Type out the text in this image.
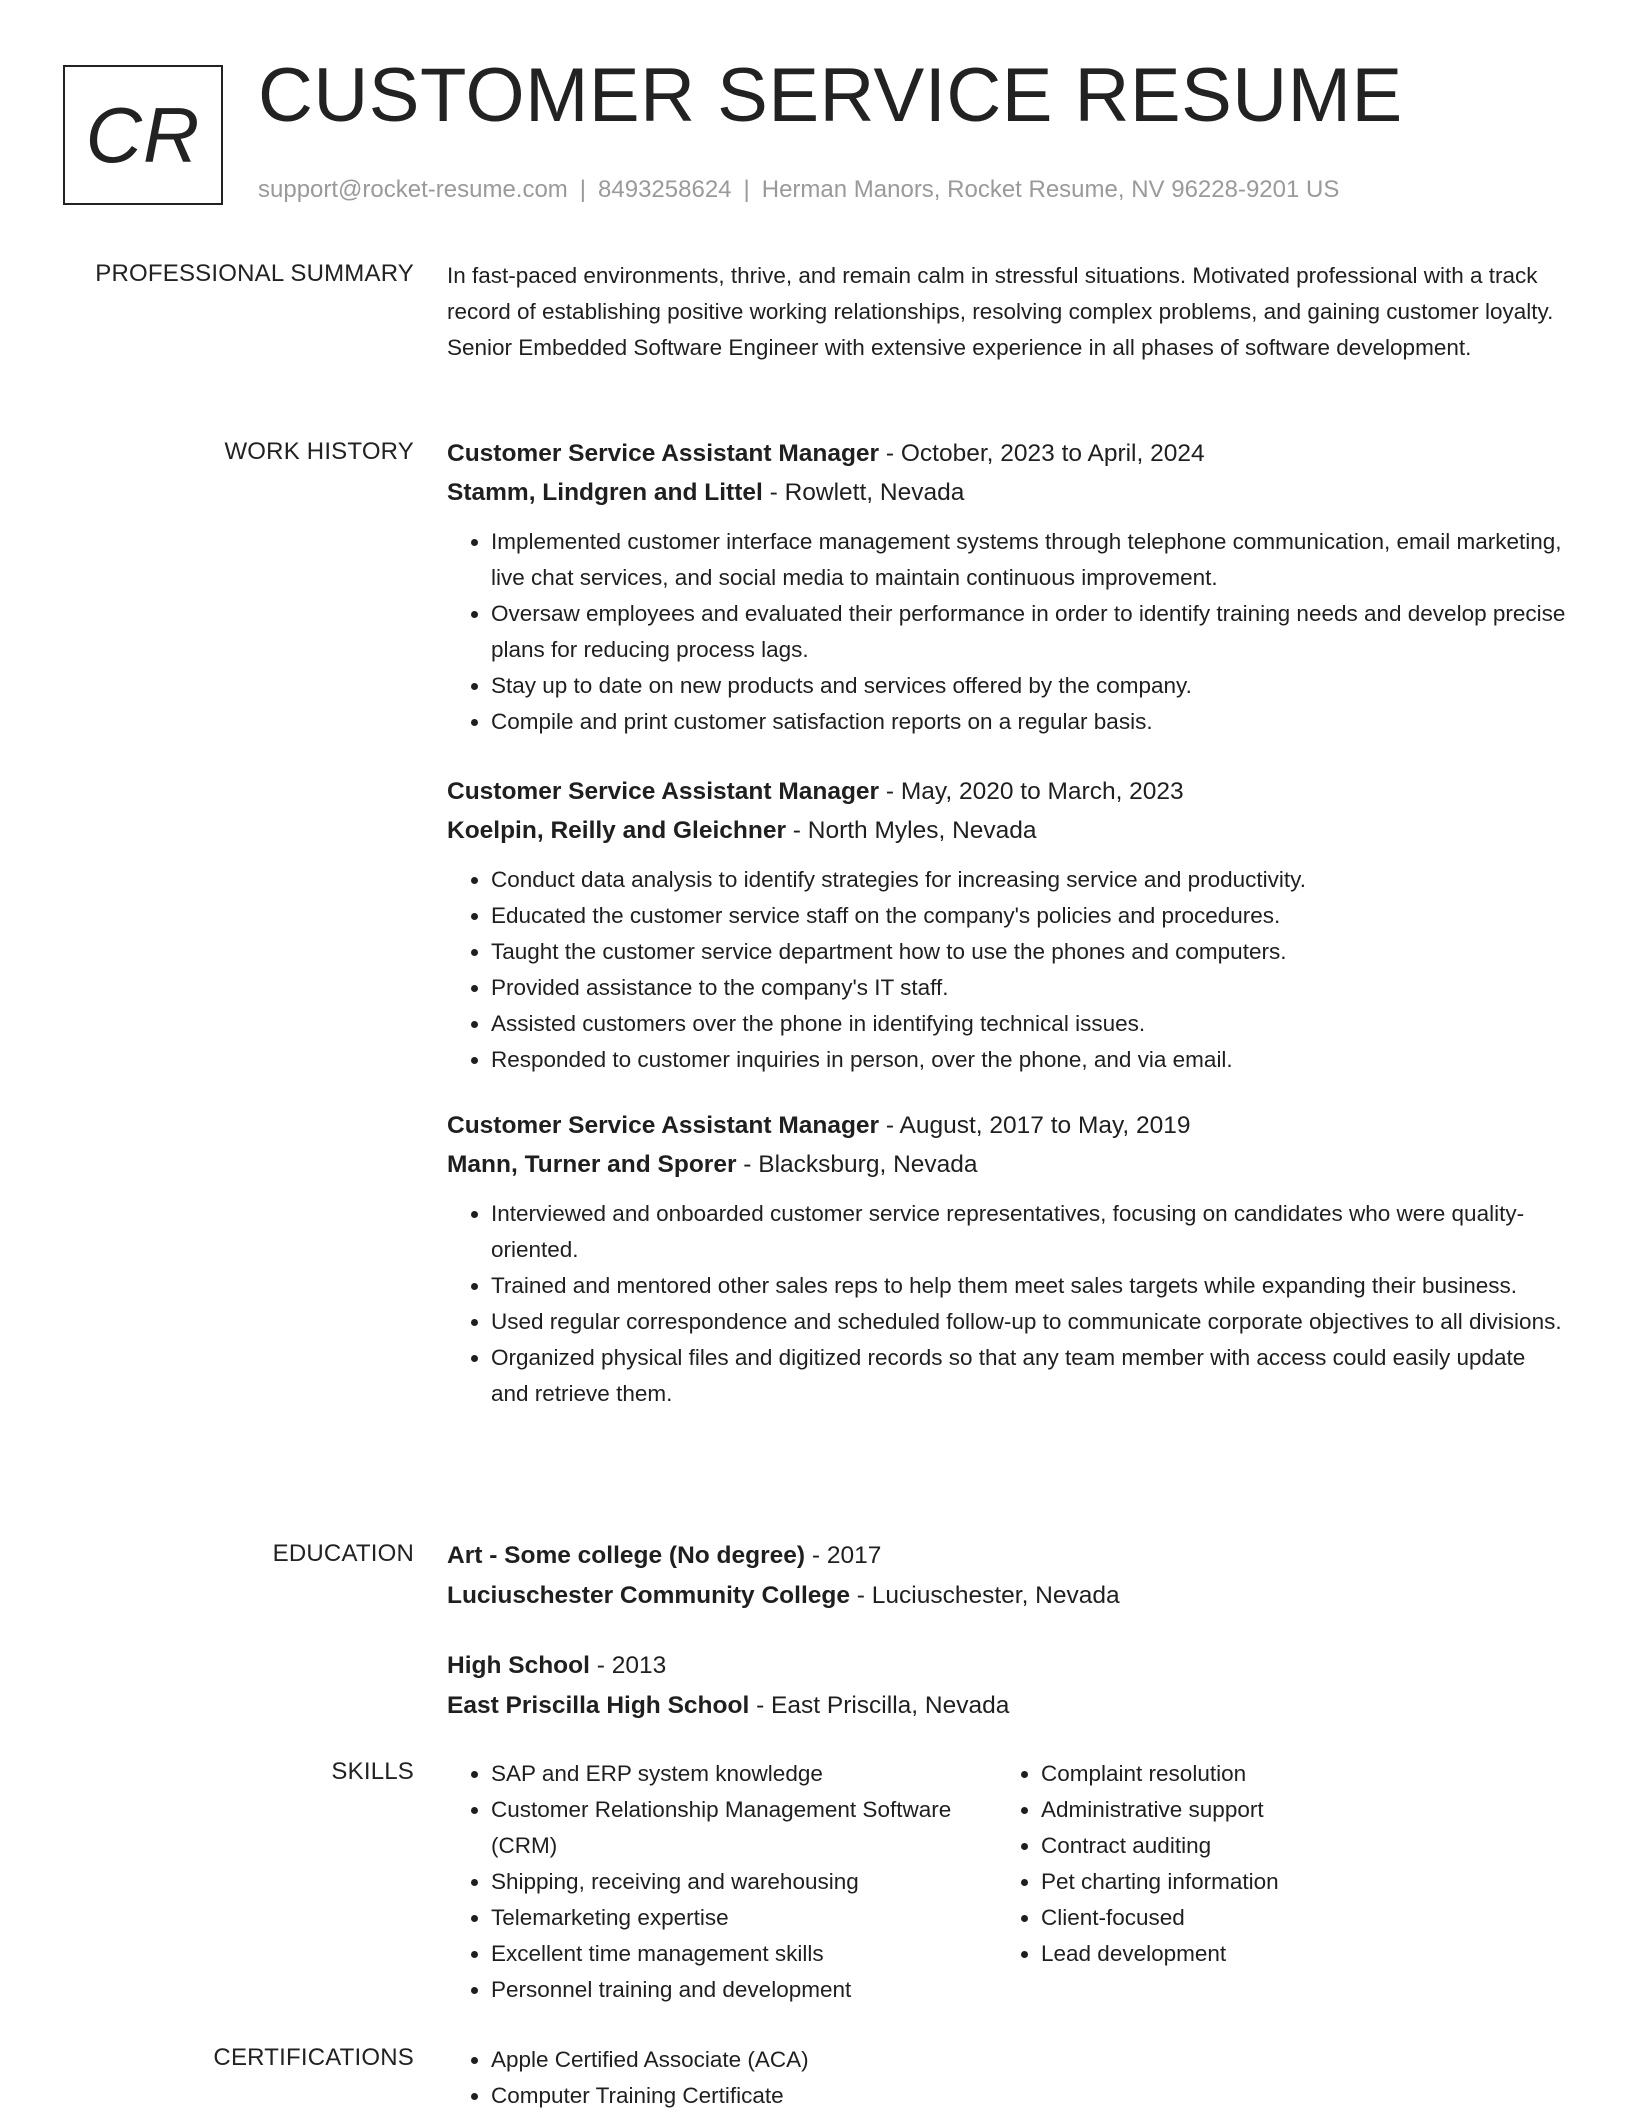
CR CUSTOMER SERVICE RESUME
support@rocket-resume.com | 8493258624 | Herman Manors, Rocket Resume, NV 96228-9201 US
PROFESSIONAL SUMMARY In fast-paced environments, thrive, and remain calm in stressful situations. Motivated professional with a track record of establishing positive working relationships, resolving complex problems, and gaining customer loyalty. Senior Embedded Software Engineer with extensive experience in all phases of software development.

WORK HISTORY Customer Service Assistant Manager - October, 2023 to April, 2024
Stamm, Lindgren and Littel - Rowlett, Nevada
• Implemented customer interface management systems through telephone communication, email marketing, live chat services, and social media to maintain continuous improvement.
• Oversaw employees and evaluated their performance in order to identify training needs and develop precise plans for reducing process lags.
• Stay up to date on new products and services offered by the company.
• Compile and print customer satisfaction reports on a regular basis.
Customer Service Assistant Manager - May, 2020 to March, 2023
Koelpin, Reilly and Gleichner - North Myles, Nevada
• Conduct data analysis to identify strategies for increasing service and productivity.
• Educated the customer service staff on the company's policies and procedures.
• Taught the customer service department how to use the phones and computers.
• Provided assistance to the company's IT staff.
• Assisted customers over the phone in identifying technical issues.
• Responded to customer inquiries in person, over the phone, and via email.
Customer Service Assistant Manager - August, 2017 to May, 2019
Mann, Turner and Sporer - Blacksburg, Nevada
• Interviewed and onboarded customer service representatives, focusing on candidates who were quality-oriented.
• Trained and mentored other sales reps to help them meet sales targets while expanding their business.
• Used regular correspondence and scheduled follow-up to communicate corporate objectives to all divisions.
• Organized physical files and digitized records so that any team member with access could easily update and retrieve them.
EDUCATION Art - Some college (No degree) - 2017
Luciuschester Community College - Luciuschester, Nevada
High School - 2013
East Priscilla High School - East Priscilla, Nevada
SKILLS	• SAP and ERP system knowledge
• Customer Relationship Management Software (CRM)
• Shipping, receiving and warehousing
• Telemarketing expertise
• Excellent time management skills
• Personnel training and development
• Complaint resolution
• Administrative support
• Contract auditing
• Pet charting information
• Client-focused
• Lead development
CERTIFICATIONS	• Apple Certified Associate (ACA)
• Computer Training Certificate
